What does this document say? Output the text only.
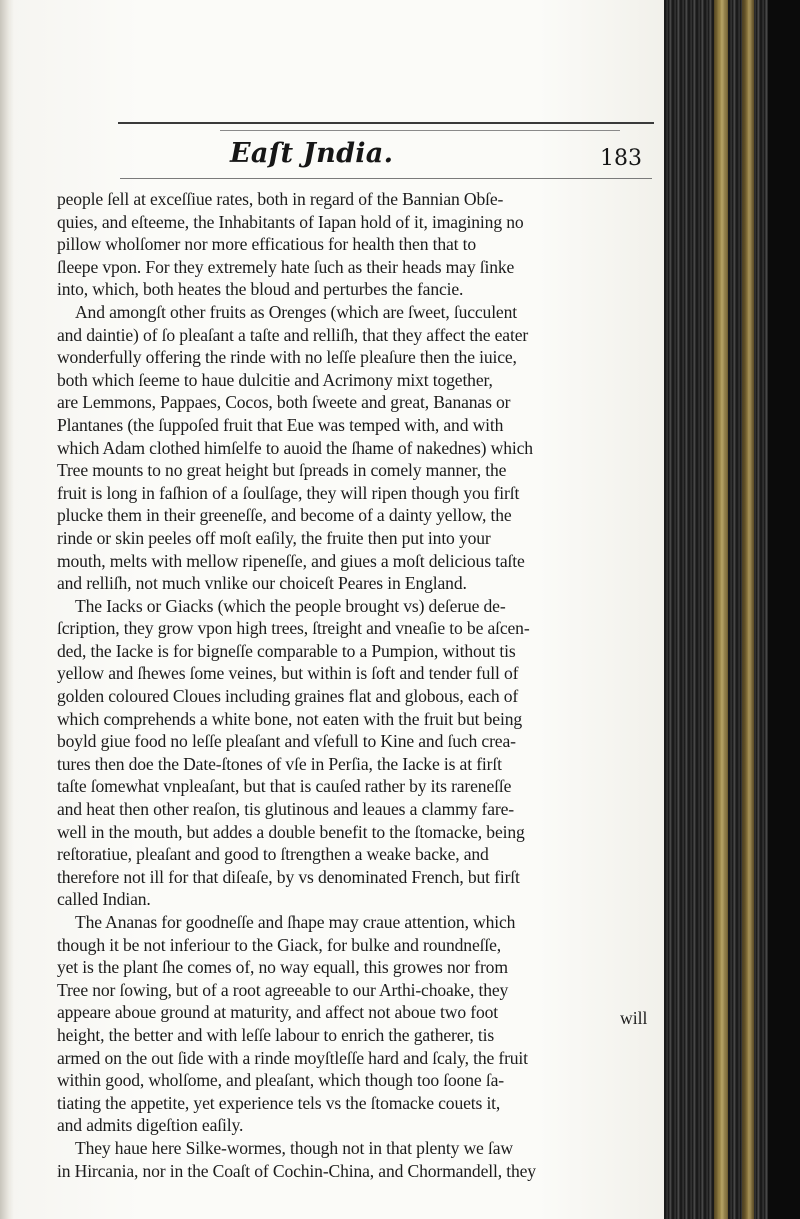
Eaſt Jndia.	183
people ſell at exceſſiue rates, both in regard of the Bannian Obſe-
quies, and eſteeme, the Inhabitants of Iapan hold of it, imagining no
pillow wholſomer nor more efficatious for health then that to
ſleepe vpon. For they extremely hate ſuch as their heads may ſinke
into, which, both heates the bloud and perturbes the fancie.
And amongſt other fruits as Orenges (which are ſweet, ſucculent
and daintie) of ſo pleaſant a taſte and relliſh, that they affect the eater
wonderfully offering the rinde with no leſſe pleaſure then the iuice,
both which ſeeme to haue dulcitie and Acrimony mixt together,
are Lemmons, Pappaes, Cocos, both ſweete and great, Bananas or
Plantanes (the ſuppoſed fruit that Eue was temped with, and with
which Adam clothed himſelfe to auoid the ſhame of nakednes) which
Tree mounts to no great height but ſpreads in comely manner, the
fruit is long in faſhion of a ſoulſage, they will ripen though you firſt
plucke them in their greeneſſe, and become of a dainty yellow, the
rinde or skin peeles off moſt eaſily, the fruite then put into your
mouth, melts with mellow ripeneſſe, and giues a moſt delicious taſte
and relliſh, not much vnlike our choiceſt Peares in England.
The Iacks or Giacks (which the people brought vs) deſerue de-
ſcription, they grow vpon high trees, ſtreight and vneaſie to be aſcen-
ded, the Iacke is for bigneſſe comparable to a Pumpion, without tis
yellow and ſhewes ſome veines, but within is ſoft and tender full of
golden coloured Cloues including graines flat and globous, each of
which comprehends a white bone, not eaten with the fruit but being
boyld giue food no leſſe pleaſant and vſefull to Kine and ſuch crea-
tures then doe the Date-ſtones of vſe in Perſia, the Iacke is at firſt
taſte ſomewhat vnpleaſant, but that is cauſed rather by its rareneſſe
and heat then other reaſon, tis glutinous and leaues a clammy fare-
well in the mouth, but addes a double benefit to the ſtomacke, being
reſtoratiue, pleaſant and good to ſtrengthen a weake backe, and
therefore not ill for that diſeaſe, by vs denominated French, but firſt
called Indian.
The Ananas for goodneſſe and ſhape may craue attention, which
though it be not inferiour to the Giack, for bulke and roundneſſe,
yet is the plant ſhe comes of, no way equall, this growes nor from
Tree nor ſowing, but of a root agreeable to our Arthi-choake, they
appeare aboue ground at maturity, and affect not aboue two foot
height, the better and with leſſe labour to enrich the gatherer, tis
armed on the out ſide with a rinde moyſtleſſe hard and ſcaly, the fruit
within good, wholſome, and pleaſant, which though too ſoone ſa-
tiating the appetite, yet experience tels vs the ſtomacke couets it,
and admits digeſtion eaſily.
They haue here Silke-wormes, though not in that plenty we ſaw
in Hircania, nor in the Coaſt of Cochin-China, and Chormandell, they
will
